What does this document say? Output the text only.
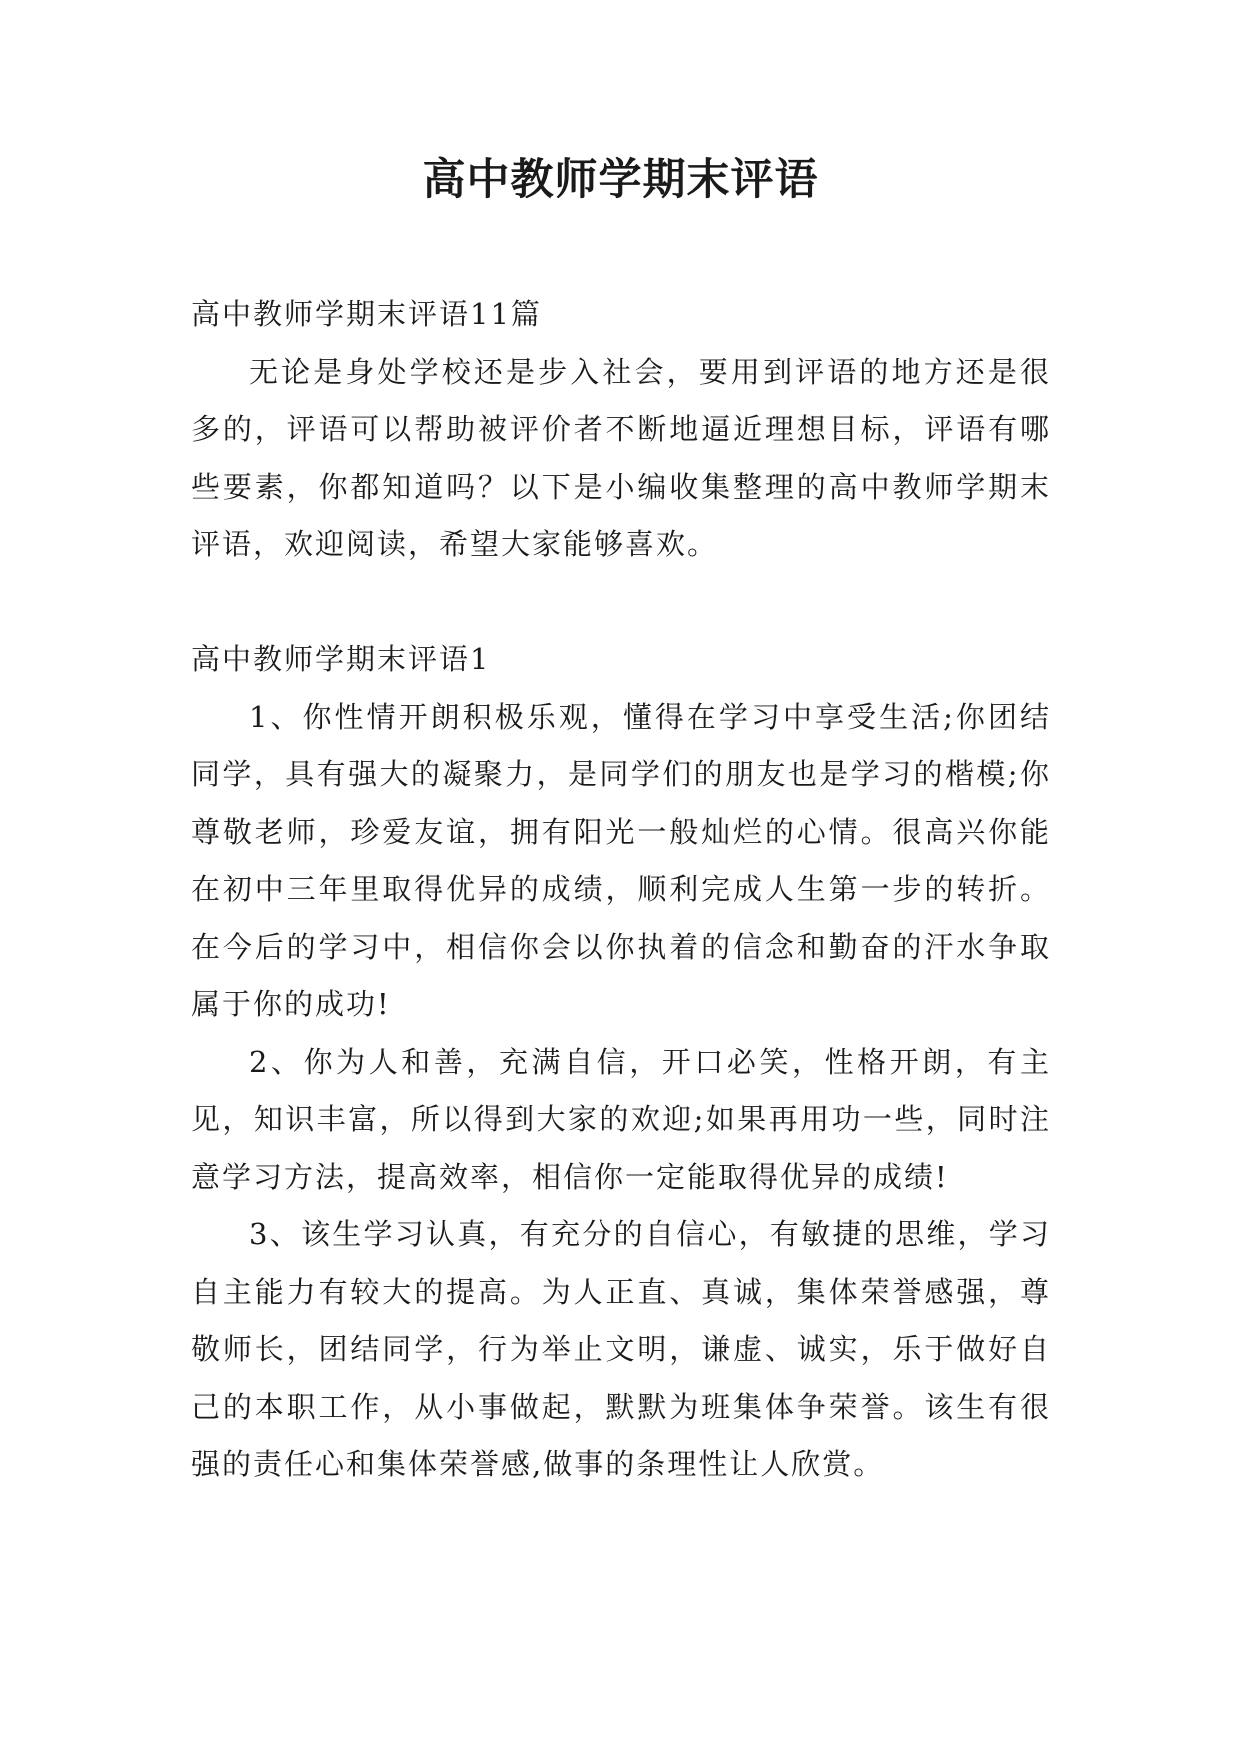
高中教师学期末评语

高中教师学期末评语11篇

无论是身处学校还是步入社会，要用到评语的地方还是很多的，评语可以帮助被评价者不断地逼近理想目标，评语有哪些要素，你都知道吗？以下是小编收集整理的高中教师学期末评语，欢迎阅读，希望大家能够喜欢。

高中教师学期末评语1

1、你性情开朗积极乐观，懂得在学习中享受生活;你团结同学，具有强大的凝聚力，是同学们的朋友也是学习的楷模;你尊敬老师，珍爱友谊，拥有阳光一般灿烂的心情。很高兴你能在初中三年里取得优异的成绩，顺利完成人生第一步的转折。在今后的学习中，相信你会以你执着的信念和勤奋的汗水争取属于你的成功!

2、你为人和善，充满自信，开口必笑，性格开朗，有主见，知识丰富，所以得到大家的欢迎;如果再用功一些，同时注意学习方法，提高效率，相信你一定能取得优异的成绩!

3、该生学习认真，有充分的自信心，有敏捷的思维，学习自主能力有较大的提高。为人正直、真诚，集体荣誉感强，尊敬师长，团结同学，行为举止文明，谦虚、诚实，乐于做好自己的本职工作，从小事做起，默默为班集体争荣誉。该生有很强的责任心和集体荣誉感,做事的条理性让人欣赏。
